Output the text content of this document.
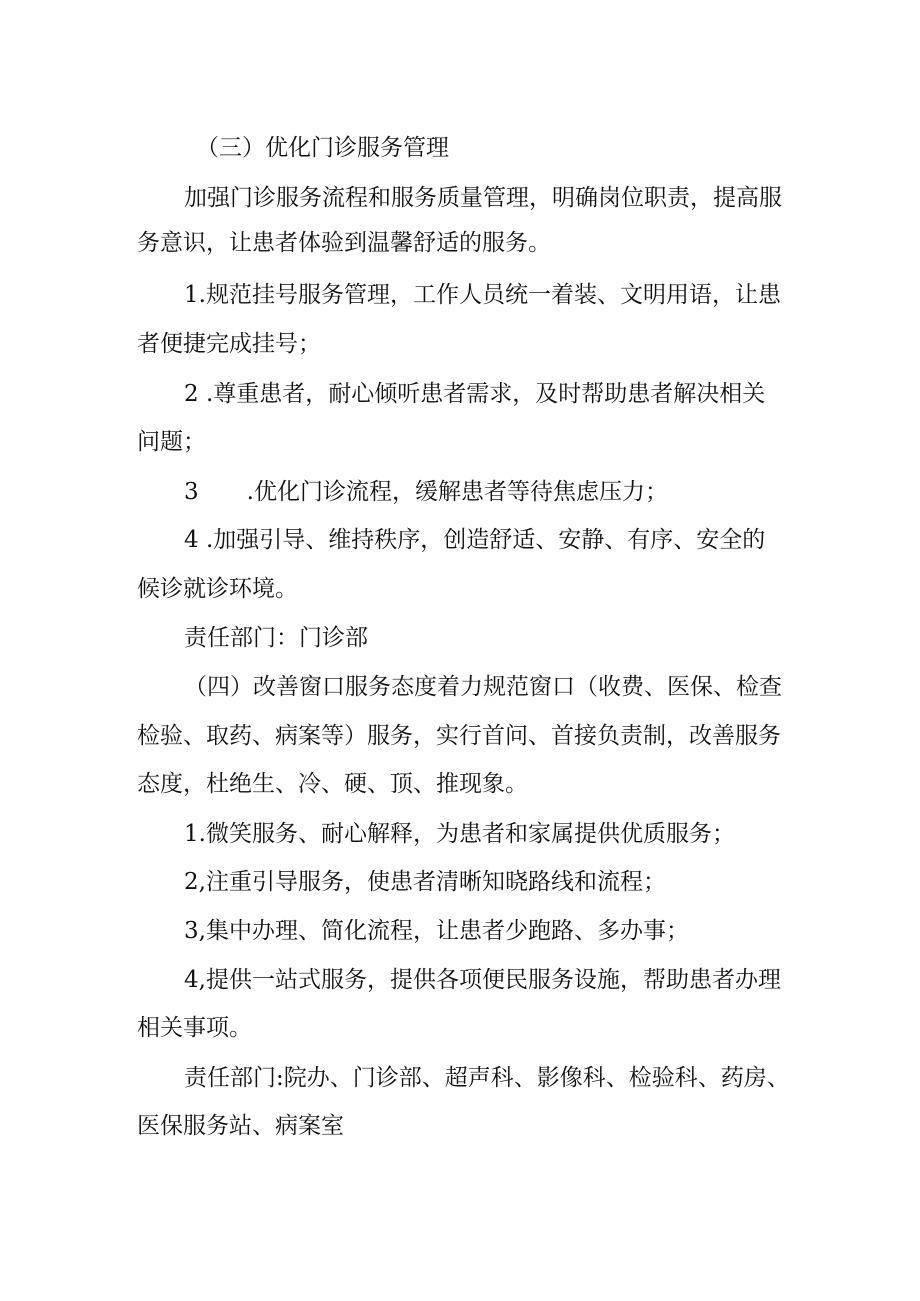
（三）优化门诊服务管理
加强门诊服务流程和服务质量管理，明确岗位职责，提高服
务意识，让患者体验到温馨舒适的服务。
1.规范挂号服务管理，工作人员统一着装、文明用语，让患
者便捷完成挂号；
2 .尊重患者，耐心倾听患者需求，及时帮助患者解决相关
问题；
3 .优化门诊流程，缓解患者等待焦虑压力；
4 .加强引导、维持秩序，创造舒适、安静、有序、安全的
候诊就诊环境。
责任部门：门诊部
（四）改善窗口服务态度着力规范窗口（收费、医保、检查
检验、取药、病案等）服务，实行首问、首接负责制，改善服务
态度，杜绝生、冷、硬、顶、推现象。
1.微笑服务、耐心解释，为患者和家属提供优质服务；
2,注重引导服务，使患者清晰知晓路线和流程；
3,集中办理、简化流程，让患者少跑路、多办事；
4,提供一站式服务，提供各项便民服务设施，帮助患者办理
相关事项。
责任部门:院办、门诊部、超声科、影像科、检验科、药房、
医保服务站、病案室
